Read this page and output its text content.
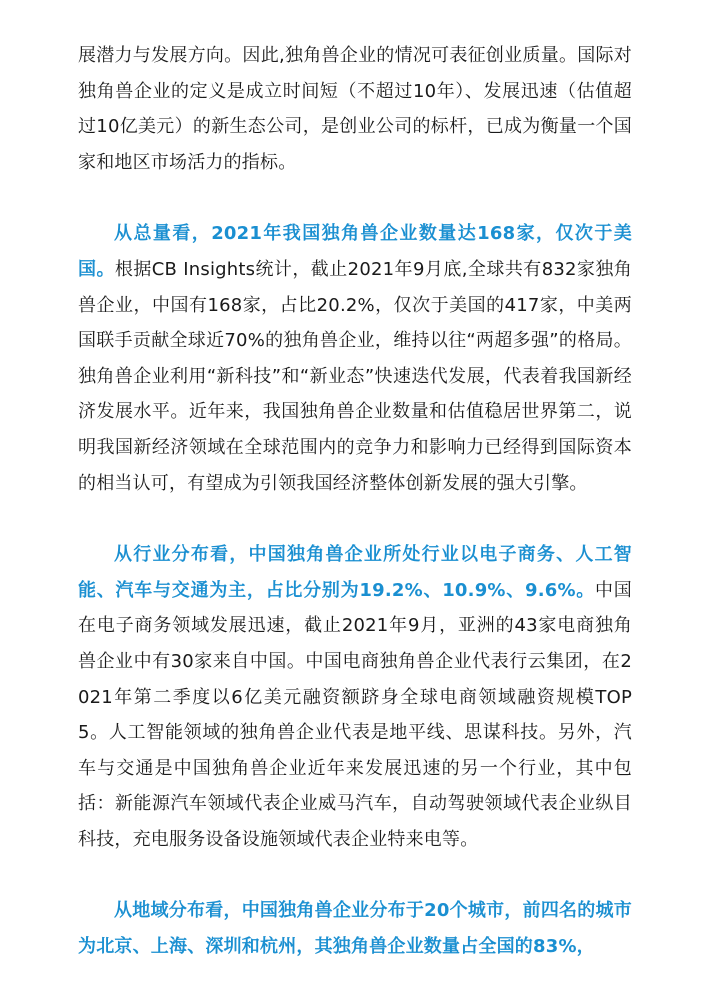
展潜力与发展方向。因此,独角兽企业的情况可表征创业质量。国际对独角兽企业的定义是成立时间短（不超过10年）、发展迅速（估值超过10亿美元）的新生态公司，是创业公司的标杆，已成为衡量一个国家和地区市场活力的指标。

从总量看，2021年我国独角兽企业数量达168家，仅次于美国。根据CB Insights统计，截止2021年9月底,全球共有832家独角兽企业，中国有168家，占比20.2%，仅次于美国的417家，中美两国联手贡献全球近70%的独角兽企业，维持以往“两超多强”的格局。独角兽企业利用“新科技”和“新业态”快速迭代发展，代表着我国新经济发展水平。近年来，我国独角兽企业数量和估值稳居世界第二，说明我国新经济领域在全球范围内的竞争力和影响力已经得到国际资本的相当认可，有望成为引领我国经济整体创新发展的强大引擎。

从行业分布看，中国独角兽企业所处行业以电子商务、人工智能、汽车与交通为主，占比分别为19.2%、10.9%、9.6%。中国在电子商务领域发展迅速，截止2021年9月，亚洲的43家电商独角兽企业中有30家来自中国。中国电商独角兽企业代表行云集团，在2021年第二季度以6亿美元融资额跻身全球电商领域融资规模TOP 5。人工智能领域的独角兽企业代表是地平线、思谋科技。另外，汽车与交通是中国独角兽企业近年来发展迅速的另一个行业，其中包括：新能源汽车领域代表企业威马汽车，自动驾驶领域代表企业纵目科技，充电服务设备设施领域代表企业特来电等。

从地域分布看，中国独角兽企业分布于20个城市，前四名的城市为北京、上海、深圳和杭州，其独角兽企业数量占全国的83%，
